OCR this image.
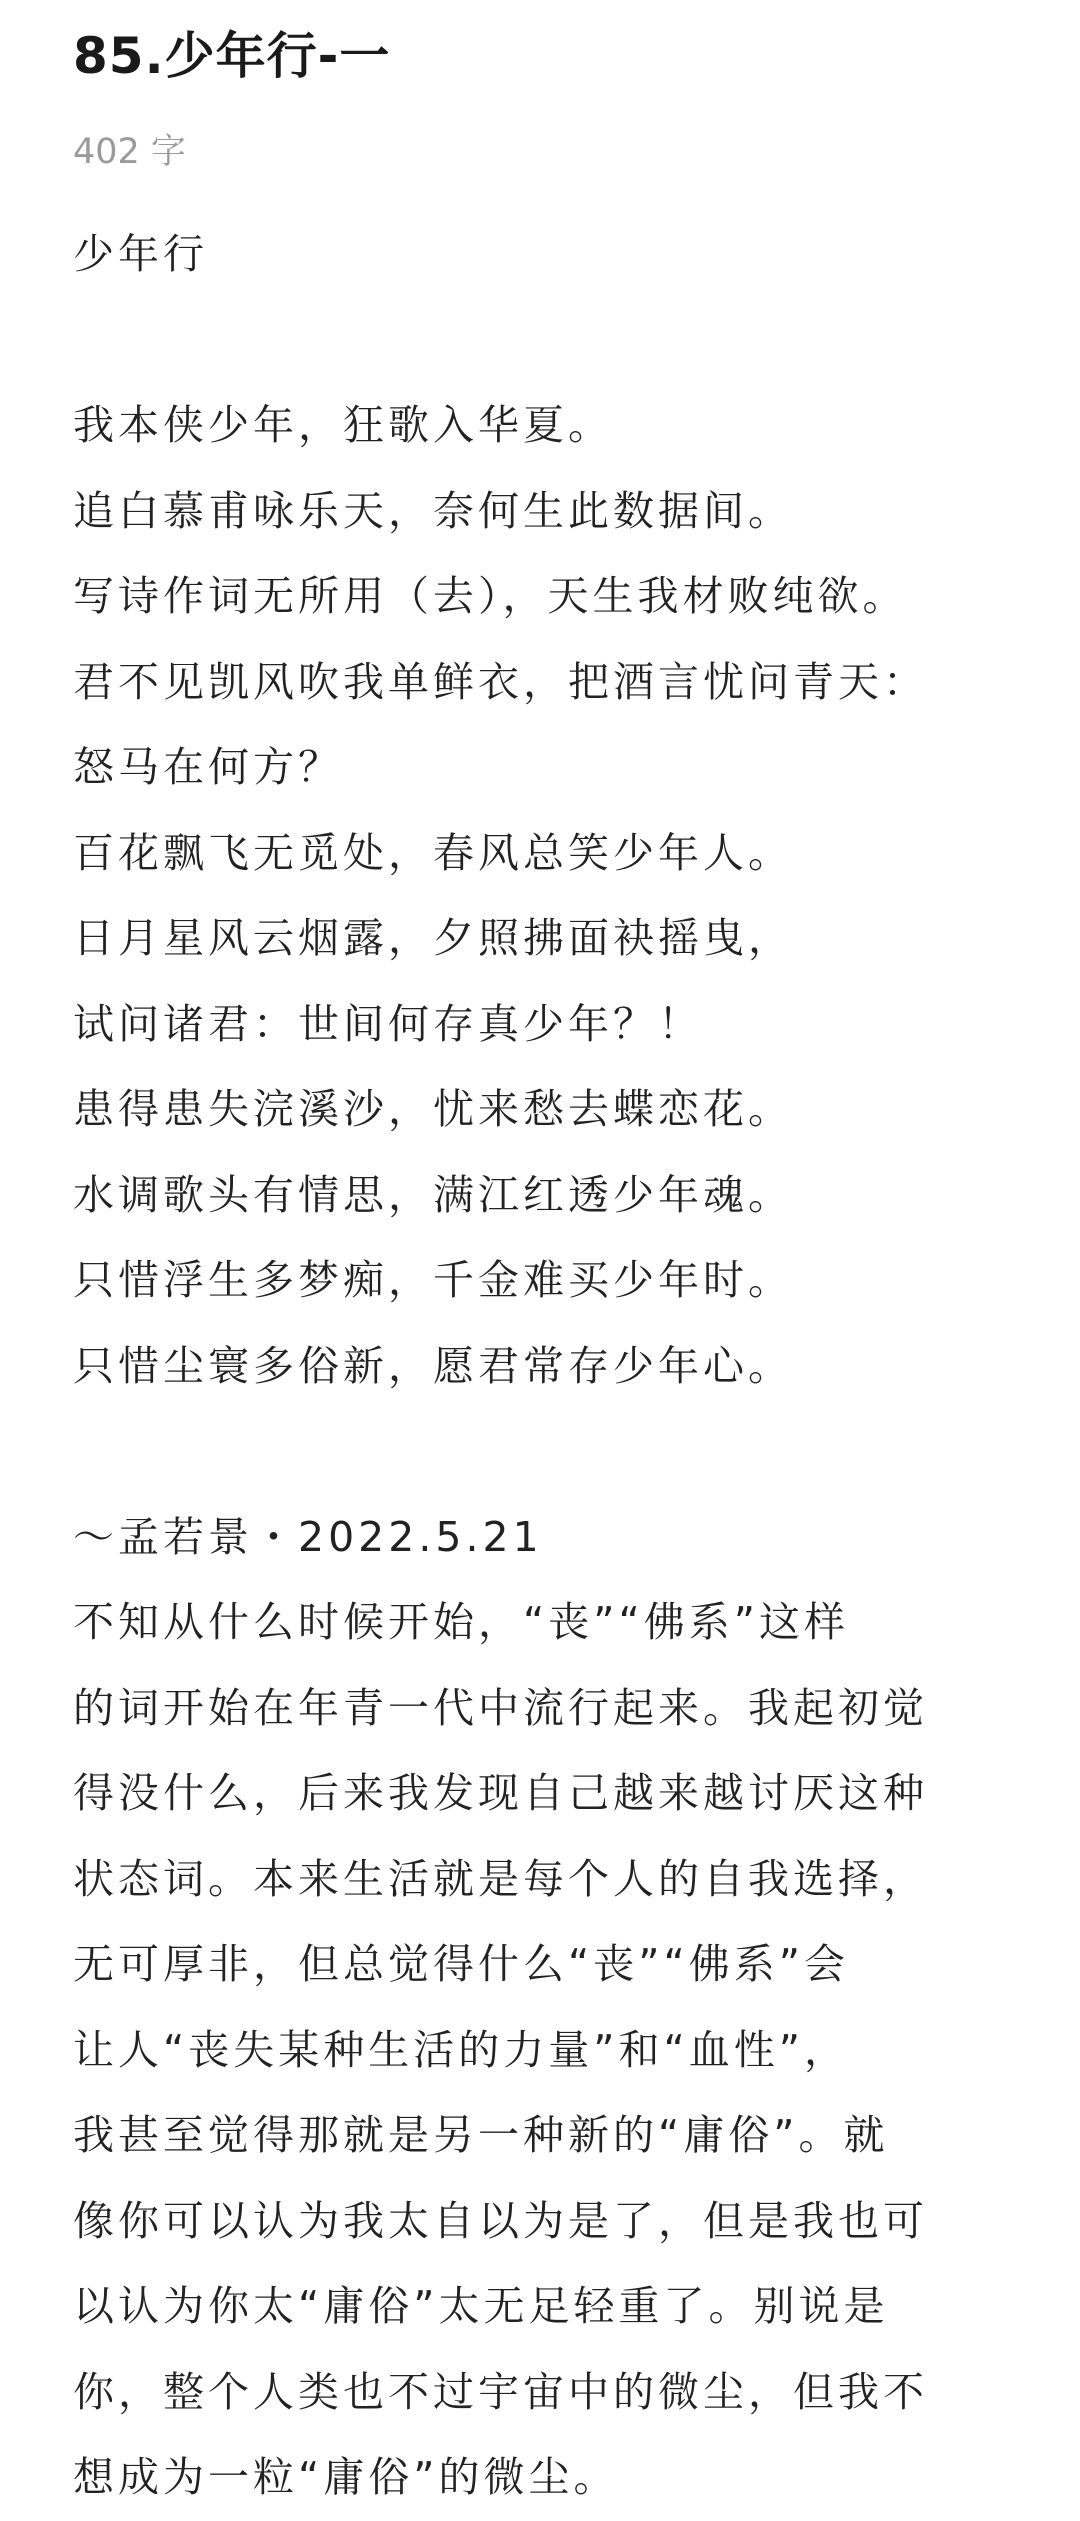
85.少年行-一
402 字
少年行
我本侠少年，狂歌入华夏。
追白慕甫咏乐天，奈何生此数据间。
写诗作词无所用（去），天生我材败纯欲。
君不见凯风吹我单鲜衣，把酒言忧问青天：
怒马在何方？
百花飘飞无觅处，春风总笑少年人。
日月星风云烟露，夕照拂面袂摇曳，
试问诸君：世间何存真少年？！
患得患失浣溪沙，忧来愁去蝶恋花。
水调歌头有情思，满江红透少年魂。
只惜浮生多梦痴，千金难买少年时。
只惜尘寰多俗新，愿君常存少年心。
～孟若景・2022.5.21
不知从什么时候开始，“丧”“佛系”这样
的词开始在年青一代中流行起来。我起初觉
得没什么，后来我发现自己越来越讨厌这种
状态词。本来生活就是每个人的自我选择，
无可厚非，但总觉得什么“丧”“佛系”会
让人“丧失某种生活的力量”和“血性”，
我甚至觉得那就是另一种新的“庸俗”。就
像你可以认为我太自以为是了，但是我也可
以认为你太“庸俗”太无足轻重了。别说是
你，整个人类也不过宇宙中的微尘，但我不
想成为一粒“庸俗”的微尘。
